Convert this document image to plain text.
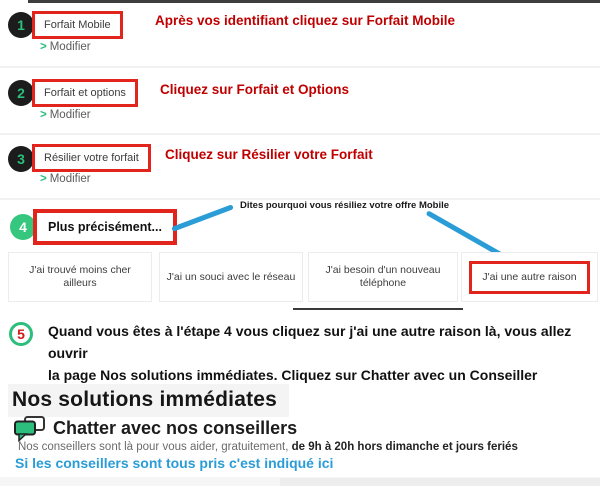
1	Forfait Mobile
> Modifier
Après vos identifiant cliquez sur Forfait Mobile
2	Forfait et options
> Modifier
Cliquez sur Forfait et Options
3	Résilier votre forfait
> Modifier
Cliquez sur Résilier votre Forfait
4	Plus précisément...
Dites pourquoi vous résiliez votre offre Mobile
J'ai trouvé moins cher ailleurs
J'ai un souci avec le réseau
J'ai besoin d'un nouveau téléphone
J'ai une autre raison
5 Quand vous êtes à l'étape 4 vous cliquez sur j'ai une autre raison là, vous allez ouvrir
la page Nos solutions immédiates. Cliquez sur Chatter avec un Conseiller
Nos solutions immédiates
Chatter avec nos conseillers
Nos conseillers sont là pour vous aider, gratuitement, de 9h à 20h hors dimanche et jours feriés
Si les conseillers sont tous pris c'est indiqué ici
